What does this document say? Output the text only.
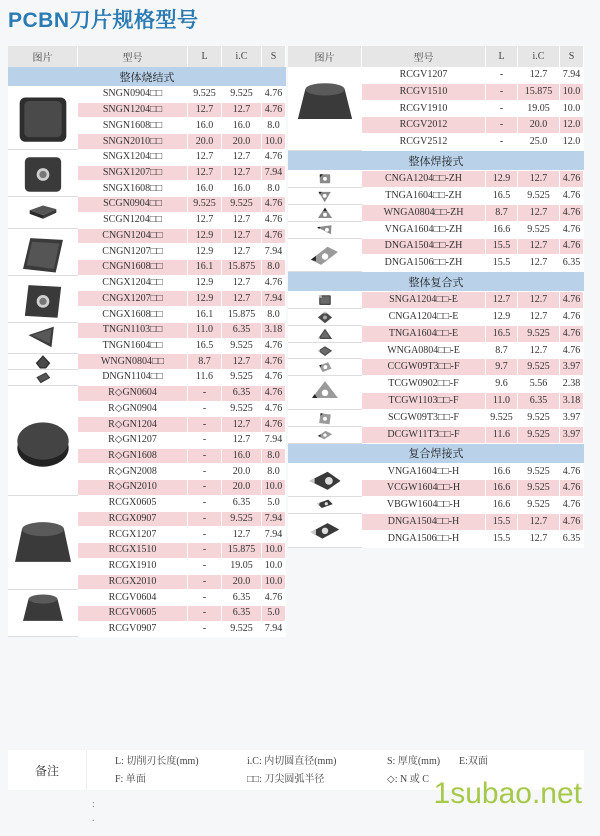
PCBN刀片规格型号
图片	型号	L	i.C	S
整体烧结式
SNGN0904□□	9.525	9.525	4.76
SNGN1204□□	12.7	12.7	4.76
SNGN1608□□	16.0	16.0	8.0
SNGN2010□□	20.0	20.0	10.0
SNGX1204□□	12.7	12.7	4.76
SNGX1207□□	12.7	12.7	7.94
SNGX1608□□	16.0	16.0	8.0
SCGN0904□□	9.525	9.525	4.76
SCGN1204□□	12.7	12.7	4.76
CNGN1204□□	12.9	12.7	4.76
CNGN1207□□	12.9	12.7	7.94
CNGN1608□□	16.1	15.875	8.0
CNGX1204□□	12.9	12.7	4.76
CNGX1207□□	12.9	12.7	7.94
CNGX1608□□	16.1	15.875	8.0
TNGN1103□□	11.0	6.35	3.18
TNGN1604□□	16.5	9.525	4.76
WNGN0804□□	8.7	12.7	4.76
DNGN1104□□	11.6	9.525	4.76
R◇GN0604	-	6.35	4.76
R◇GN0904	-	9.525	4.76
R◇GN1204	-	12.7	4.76
R◇GN1207	-	12.7	7.94
R◇GN1608	-	16.0	8.0
R◇GN2008	-	20.0	8.0
R◇GN2010	-	20.0	10.0
RCGX0605	-	6.35	5.0
RCGX0907	-	9.525	7.94
RCGX1207	-	12.7	7.94
RCGX1510	-	15.875 10.0
RCGX1910	-	19.05	10.0
RCGX2010	-	20.0	10.0
RCGV0604	-	6.35	4.76
RCGV0605	-	6.35	5.0
RCGV0907	-	9.525	7.94
图片	型号	L	i.C	S
RCGV1207	-	12.7	7.94
RCGV1510	-	15.875	10.0
RCGV1910	-	19.05	10.0
RCGV2012	-	20.0	12.0
RCGV2512	-	25.0	12.0
整体焊接式
CNGA1204□□-ZH	12.9	12.7	4.76
TNGA1604□□-ZH	16.5	9.525	4.76
WNGA0804□□-ZH	8.7	12.7	4.76
VNGA1604□□-ZH	16.6	9.525	4.76
DNGA1504□□-ZH	15.5	12.7	4.76
DNGA1506□□-ZH	15.5	12.7	6.35
整体复合式
SNGA1204□□-E	12.7	12.7	4.76
CNGA1204□□-E	12.9	12.7	4.76
TNGA1604□□-E	16.5	9.525	4.76
WNGA0804□□-E	8.7	12.7	4.76
CCGW09T3□□-F	9.7	9.525	3.97
TCGW0902□□-F	9.6	5.56	2.38
TCGW1103□□-F	11.0	6.35	3.18
SCGW09T3□□-F	9.525	9.525	3.97
DCGW11T3□□-F	11.6	9.525	3.97
复合焊接式
VNGA1604□□-H	16.6	9.525	4.76
VCGW1604□□-H	16.6	9.525	4.76
VBGW1604□□-H	16.6	9.525	4.76
DNGA1504□□-H	15.5	12.7	4.76
DNGA1506□□-H	15.5	12.7	6.35
备注
L: 切削刃长度(mm)	i.C: 内切圆直径(mm)	S: 厚度(mm)	E:双面
F: 单面	□□: 刀尖圆弧半径	◇: N 或 C
:
.
1subao.net
